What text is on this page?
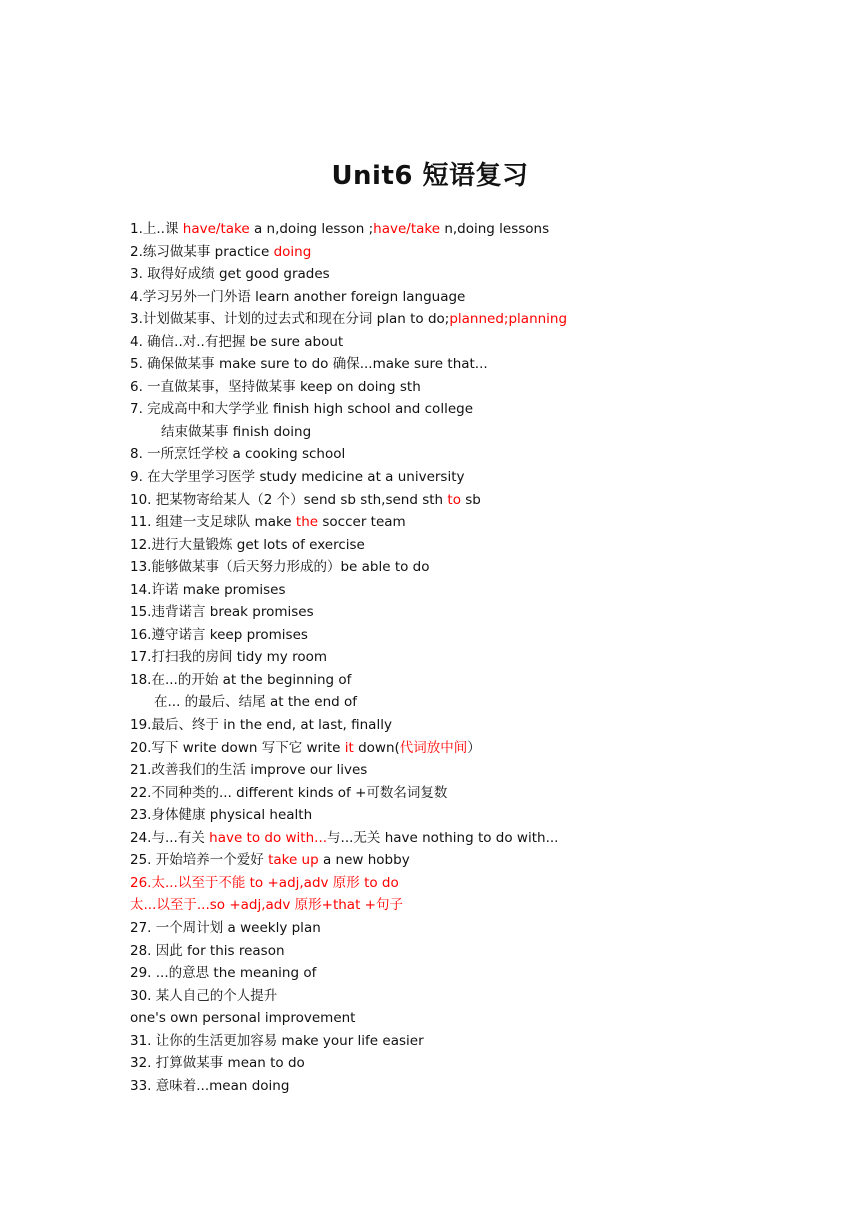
Unit6 短语复习
1.上..课 have/take a n,doing lesson ;have/take n,doing lessons
2.练习做某事 practice doing
3. 取得好成绩 get good grades
4.学习另外一门外语 learn another foreign language
3.计划做某事、计划的过去式和现在分词 plan to do;planned;planning
4. 确信..对..有把握 be sure about
5. 确保做某事 make sure to do 确保...make sure that...
6. 一直做某事，坚持做某事 keep on doing sth
7. 完成高中和大学学业 finish high school and college
结束做某事 finish doing
8. 一所烹饪学校 a cooking school
9. 在大学里学习医学 study medicine at a university
10. 把某物寄给某人（2 个）send sb sth,send sth to sb
11. 组建一支足球队 make the soccer team
12.进行大量锻炼 get lots of exercise
13.能够做某事（后天努力形成的）be able to do
14.许诺 make promises
15.违背诺言 break promises
16.遵守诺言 keep promises
17.打扫我的房间 tidy my room
18.在...的开始 at the beginning of
在... 的最后、结尾 at the end of
19.最后、终于 in the end, at last, finally
20.写下 write down 写下它 write it down(代词放中间）
21.改善我们的生活 improve our lives
22.不同种类的... different kinds of +可数名词复数
23.身体健康 physical health
24.与...有关 have to do with...与...无关 have nothing to do with...
25. 开始培养一个爱好 take up a new hobby
26.太...以至于不能 to +adj,adv 原形 to do
太...以至于...so +adj,adv 原形+that +句子
27. 一个周计划 a weekly plan
28. 因此 for this reason
29. ...的意思 the meaning of
30. 某人自己的个人提升
one's own personal improvement
31. 让你的生活更加容易 make your life easier
32. 打算做某事 mean to do
33. 意味着...mean doing
